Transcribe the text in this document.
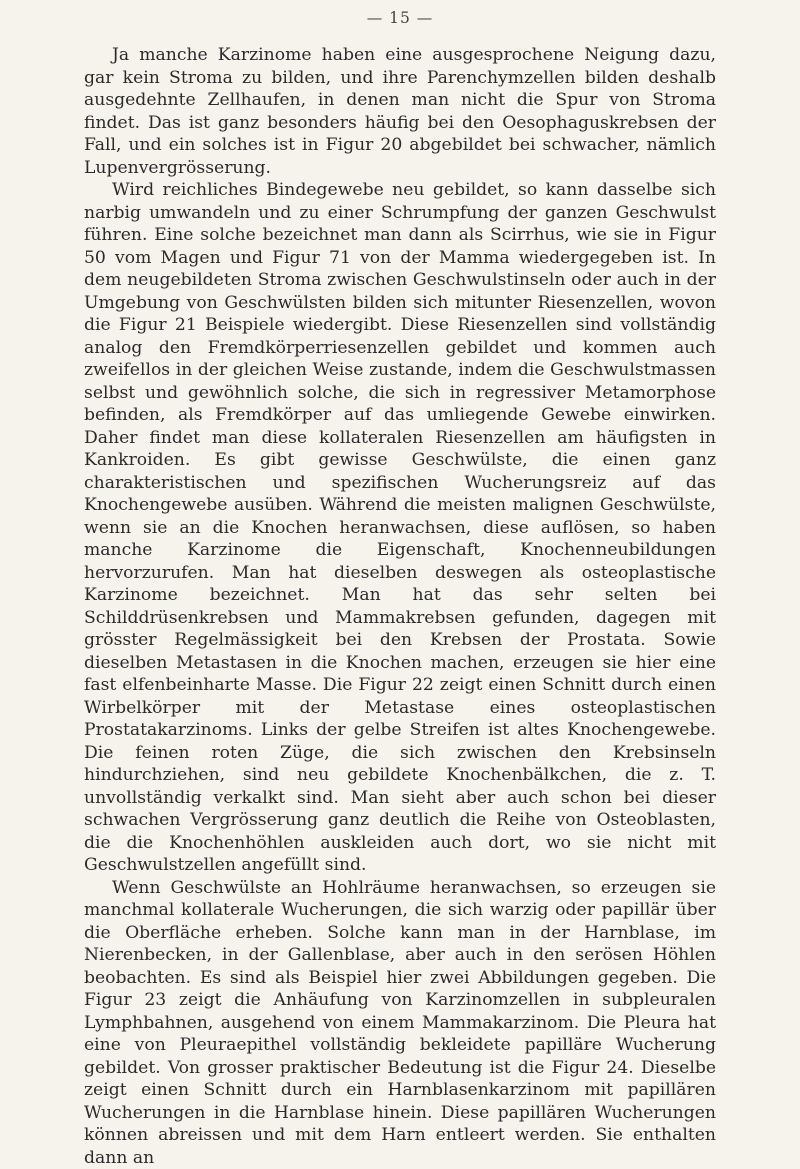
— 15 —

Ja manche Karzinome haben eine ausgesprochene Neigung dazu, gar kein Stroma zu bilden, und ihre Parenchymzellen bilden deshalb ausgedehnte Zellhaufen, in denen man nicht die Spur von Stroma findet. Das ist ganz besonders häufig bei den Oesophaguskrebsen der Fall, und ein solches ist in Figur 20 abgebildet bei schwacher, nämlich Lupenvergrösserung.

Wird reichliches Bindegewebe neu gebildet, so kann dasselbe sich narbig umwandeln und zu einer Schrumpfung der ganzen Geschwulst führen. Eine solche bezeichnet man dann als Scirrhus, wie sie in Figur 50 vom Magen und Figur 71 von der Mamma wiedergegeben ist. In dem neugebildeten Stroma zwischen Geschwulstinseln oder auch in der Umgebung von Geschwülsten bilden sich mitunter Riesenzellen, wovon die Figur 21 Beispiele wiedergibt. Diese Riesenzellen sind vollständig analog den Fremdkörperriesenzellen gebildet und kommen auch zweifellos in der gleichen Weise zustande, indem die Geschwulstmassen selbst und gewöhnlich solche, die sich in regressiver Metamorphose befinden, als Fremdkörper auf das umliegende Gewebe einwirken. Daher findet man diese kollateralen Riesenzellen am häufigsten in Kankroiden. Es gibt gewisse Geschwülste, die einen ganz charakteristischen und spezifischen Wucherungsreiz auf das Knochengewebe ausüben. Während die meisten malignen Geschwülste, wenn sie an die Knochen heranwachsen, diese auflösen, so haben manche Karzinome die Eigenschaft, Knochenneubildungen hervorzurufen. Man hat dieselben deswegen als osteoplastische Karzinome bezeichnet. Man hat das sehr selten bei Schilddrüsenkrebsen und Mammakrebsen gefunden, dagegen mit grösster Regelmässigkeit bei den Krebsen der Prostata. Sowie dieselben Metastasen in die Knochen machen, erzeugen sie hier eine fast elfenbeinharte Masse. Die Figur 22 zeigt einen Schnitt durch einen Wirbelkörper mit der Metastase eines osteoplastischen Prostatakarzinoms. Links der gelbe Streifen ist altes Knochengewebe. Die feinen roten Züge, die sich zwischen den Krebsinseln hindurchziehen, sind neu gebildete Knochenbälkchen, die z. T. unvollständig verkalkt sind. Man sieht aber auch schon bei dieser schwachen Vergrösserung ganz deutlich die Reihe von Osteoblasten, die die Knochenhöhlen auskleiden auch dort, wo sie nicht mit Geschwulstzellen angefüllt sind.

Wenn Geschwülste an Hohlräume heranwachsen, so erzeugen sie manchmal kollaterale Wucherungen, die sich warzig oder papillär über die Oberfläche erheben. Solche kann man in der Harnblase, im Nierenbecken, in der Gallenblase, aber auch in den serösen Höhlen beobachten. Es sind als Beispiel hier zwei Abbildungen gegeben. Die Figur 23 zeigt die Anhäufung von Karzinomzellen in subpleuralen Lymphbahnen, ausgehend von einem Mammakarzinom. Die Pleura hat eine von Pleuraepithel vollständig bekleidete papilläre Wucherung gebildet. Von grosser praktischer Bedeutung ist die Figur 24. Dieselbe zeigt einen Schnitt durch ein Harnblasenkarzinom mit papillären Wucherungen in die Harnblase hinein. Diese papillären Wucherungen können abreissen und mit dem Harn entleert werden. Sie enthalten dann an
